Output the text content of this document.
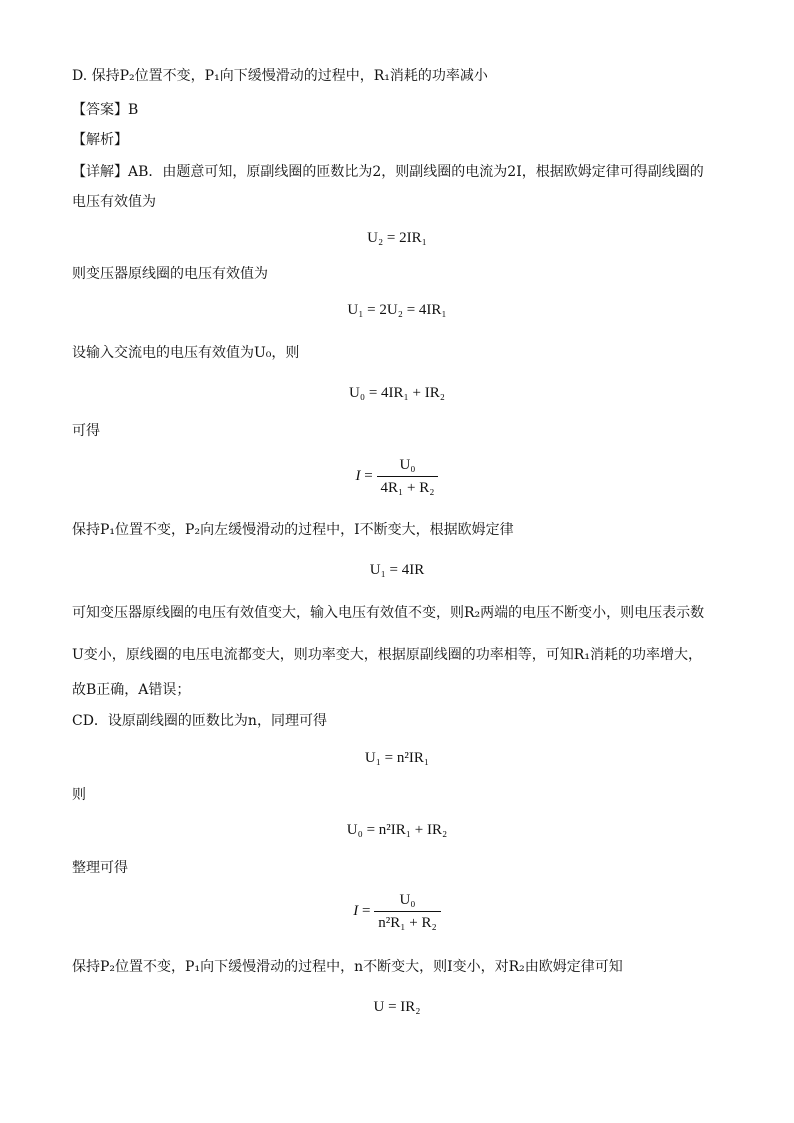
D. 保持P₂位置不变，P₁向下缓慢滑动的过程中，R₁消耗的功率减小
【答案】B
【解析】
【详解】AB．由题意可知，原副线圈的匝数比为2，则副线圈的电流为2I，根据欧姆定律可得副线圈的
电压有效值为
U₂ = 2IR₁
则变压器原线圈的电压有效值为
U₁ = 2U₂ = 4IR₁
设输入交流电的电压有效值为U₀，则
U₀ = 4IR₁ + IR₂
可得
$I = \frac{\text{U₀}}{\text{4R₁ + R₂}}$
保持P₁位置不变，P₂向左缓慢滑动的过程中，I不断变大，根据欧姆定律
U₁ = 4IR
可知变压器原线圈的电压有效值变大，输入电压有效值不变，则R₂两端的电压不断变小，则电压表示数
U变小，原线圈的电压电流都变大，则功率变大，根据原副线圈的功率相等，可知R₁消耗的功率增大，
故B正确，A错误；
CD．设原副线圈的匝数比为n，同理可得
U₁ = n²IR₁
则
U₀ = n²IR₁ + IR₂
整理可得
$I = \frac{\text{U₀}}{\text{n²R₁ + R₂}}$
保持P₂位置不变，P₁向下缓慢滑动的过程中，n不断变大，则I变小，对R₂由欧姆定律可知
U = IR₂
